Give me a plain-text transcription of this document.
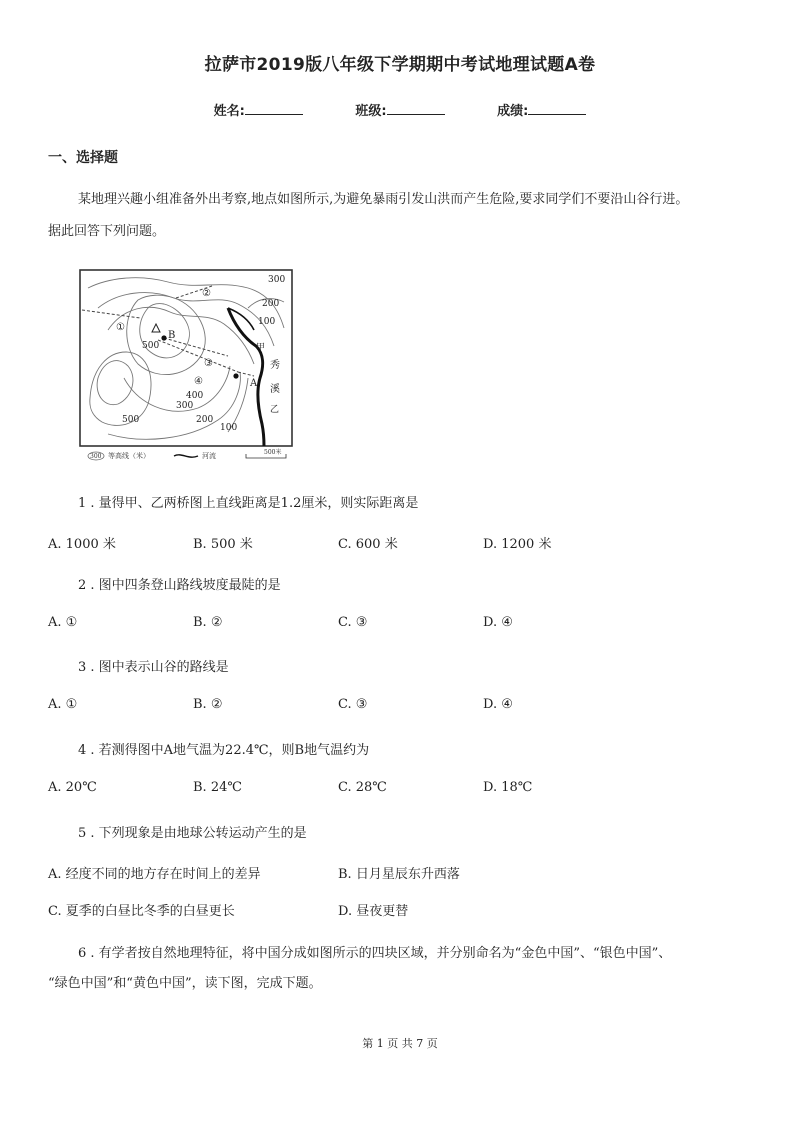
拉萨市2019版八年级下学期期中考试地理试题A卷
姓名:	班级:	成绩:
一、选择题
某地理兴趣小组准备外出考察,地点如图所示,为避免暴雨引发山洪而产生危险,要求同学们不要沿山谷行进。
据此回答下列问题。
300
200
100
500
400
300
200
100
500
①
②
③
④	A
B
甲
乙
秀
溪
300 等高线（米）	河流	500米
1 . 量得甲、乙两桥图上直线距离是1.2厘米，则实际距离是
A. 1000 米	B. 500 米	C. 600 米	D. 1200 米
2 . 图中四条登山路线坡度最陡的是
A. ①	B. ②	C. ③	D. ④
3 . 图中表示山谷的路线是
A. ①	B. ②	C. ③	D. ④
4 . 若测得图中A地气温为22.4℃，则B地气温约为
A. 20℃	B. 24℃	C. 28℃	D. 18℃
5 . 下列现象是由地球公转运动产生的是
A. 经度不同的地方存在时间上的差异	B. 日月星辰东升西落
C. 夏季的白昼比冬季的白昼更长	D. 昼夜更替
6 . 有学者按自然地理特征，将中国分成如图所示的四块区域，并分别命名为“金色中国”、“银色中国”、
“绿色中国”和“黄色中国”，读下图，完成下题。
第 1 页 共 7 页
